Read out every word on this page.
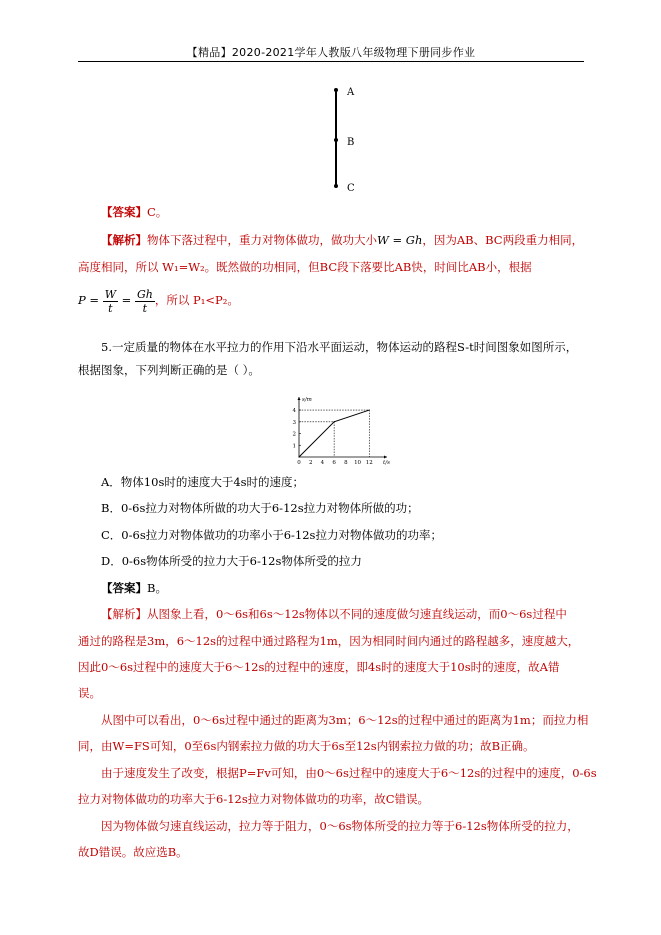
【精品】2020-2021学年人教版八年级物理下册同步作业
A
B
C
【答案】C。
【解析】物体下落过程中，重力对物体做功，做功大小W = Gh，因为AB、BC两段重力相同，
高度相同，所以 W₁=W₂。既然做的功相同，但BC段下落要比AB快，时间比AB小，根据
$P = \frac{W}{t} = \frac{Gh}{t}$ ，所以 P₁<P₂。
5.一定质量的物体在水平拉力的作用下沿水平面运动，物体运动的路程S-t时间图象如图所示，
根据图象，下列判断正确的是（ ）。
s/m
t/s
0 2 4 6 8 10 12
1
2
3
4
A．物体10s时的速度大于4s时的速度；
B．0-6s拉力对物体所做的功大于6-12s拉力对物体所做的功；
C．0-6s拉力对物体做功的功率小于6-12s拉力对物体做功的功率；
D．0-6s物体所受的拉力大于6-12s物体所受的拉力
【答案】B。
【解析】从图象上看，0～6s和6s～12s物体以不同的速度做匀速直线运动，而0～6s过程中
通过的路程是3m，6～12s的过程中通过路程为1m，因为相同时间内通过的路程越多，速度越大，
因此0～6s过程中的速度大于6～12s的过程中的速度，即4s时的速度大于10s时的速度，故A错
误。
从图中可以看出，0～6s过程中通过的距离为3m；6～12s的过程中通过的距离为1m；而拉力相
同，由W=FS可知，0至6s内钢索拉力做的功大于6s至12s内钢索拉力做的功；故B正确。
由于速度发生了改变，根据P=Fv可知，由0～6s过程中的速度大于6～12s的过程中的速度，0-6s
拉力对物体做功的功率大于6-12s拉力对物体做功的功率，故C错误。
因为物体做匀速直线运动，拉力等于阻力，0～6s物体所受的拉力等于6-12s物体所受的拉力，
故D错误。故应选B。
